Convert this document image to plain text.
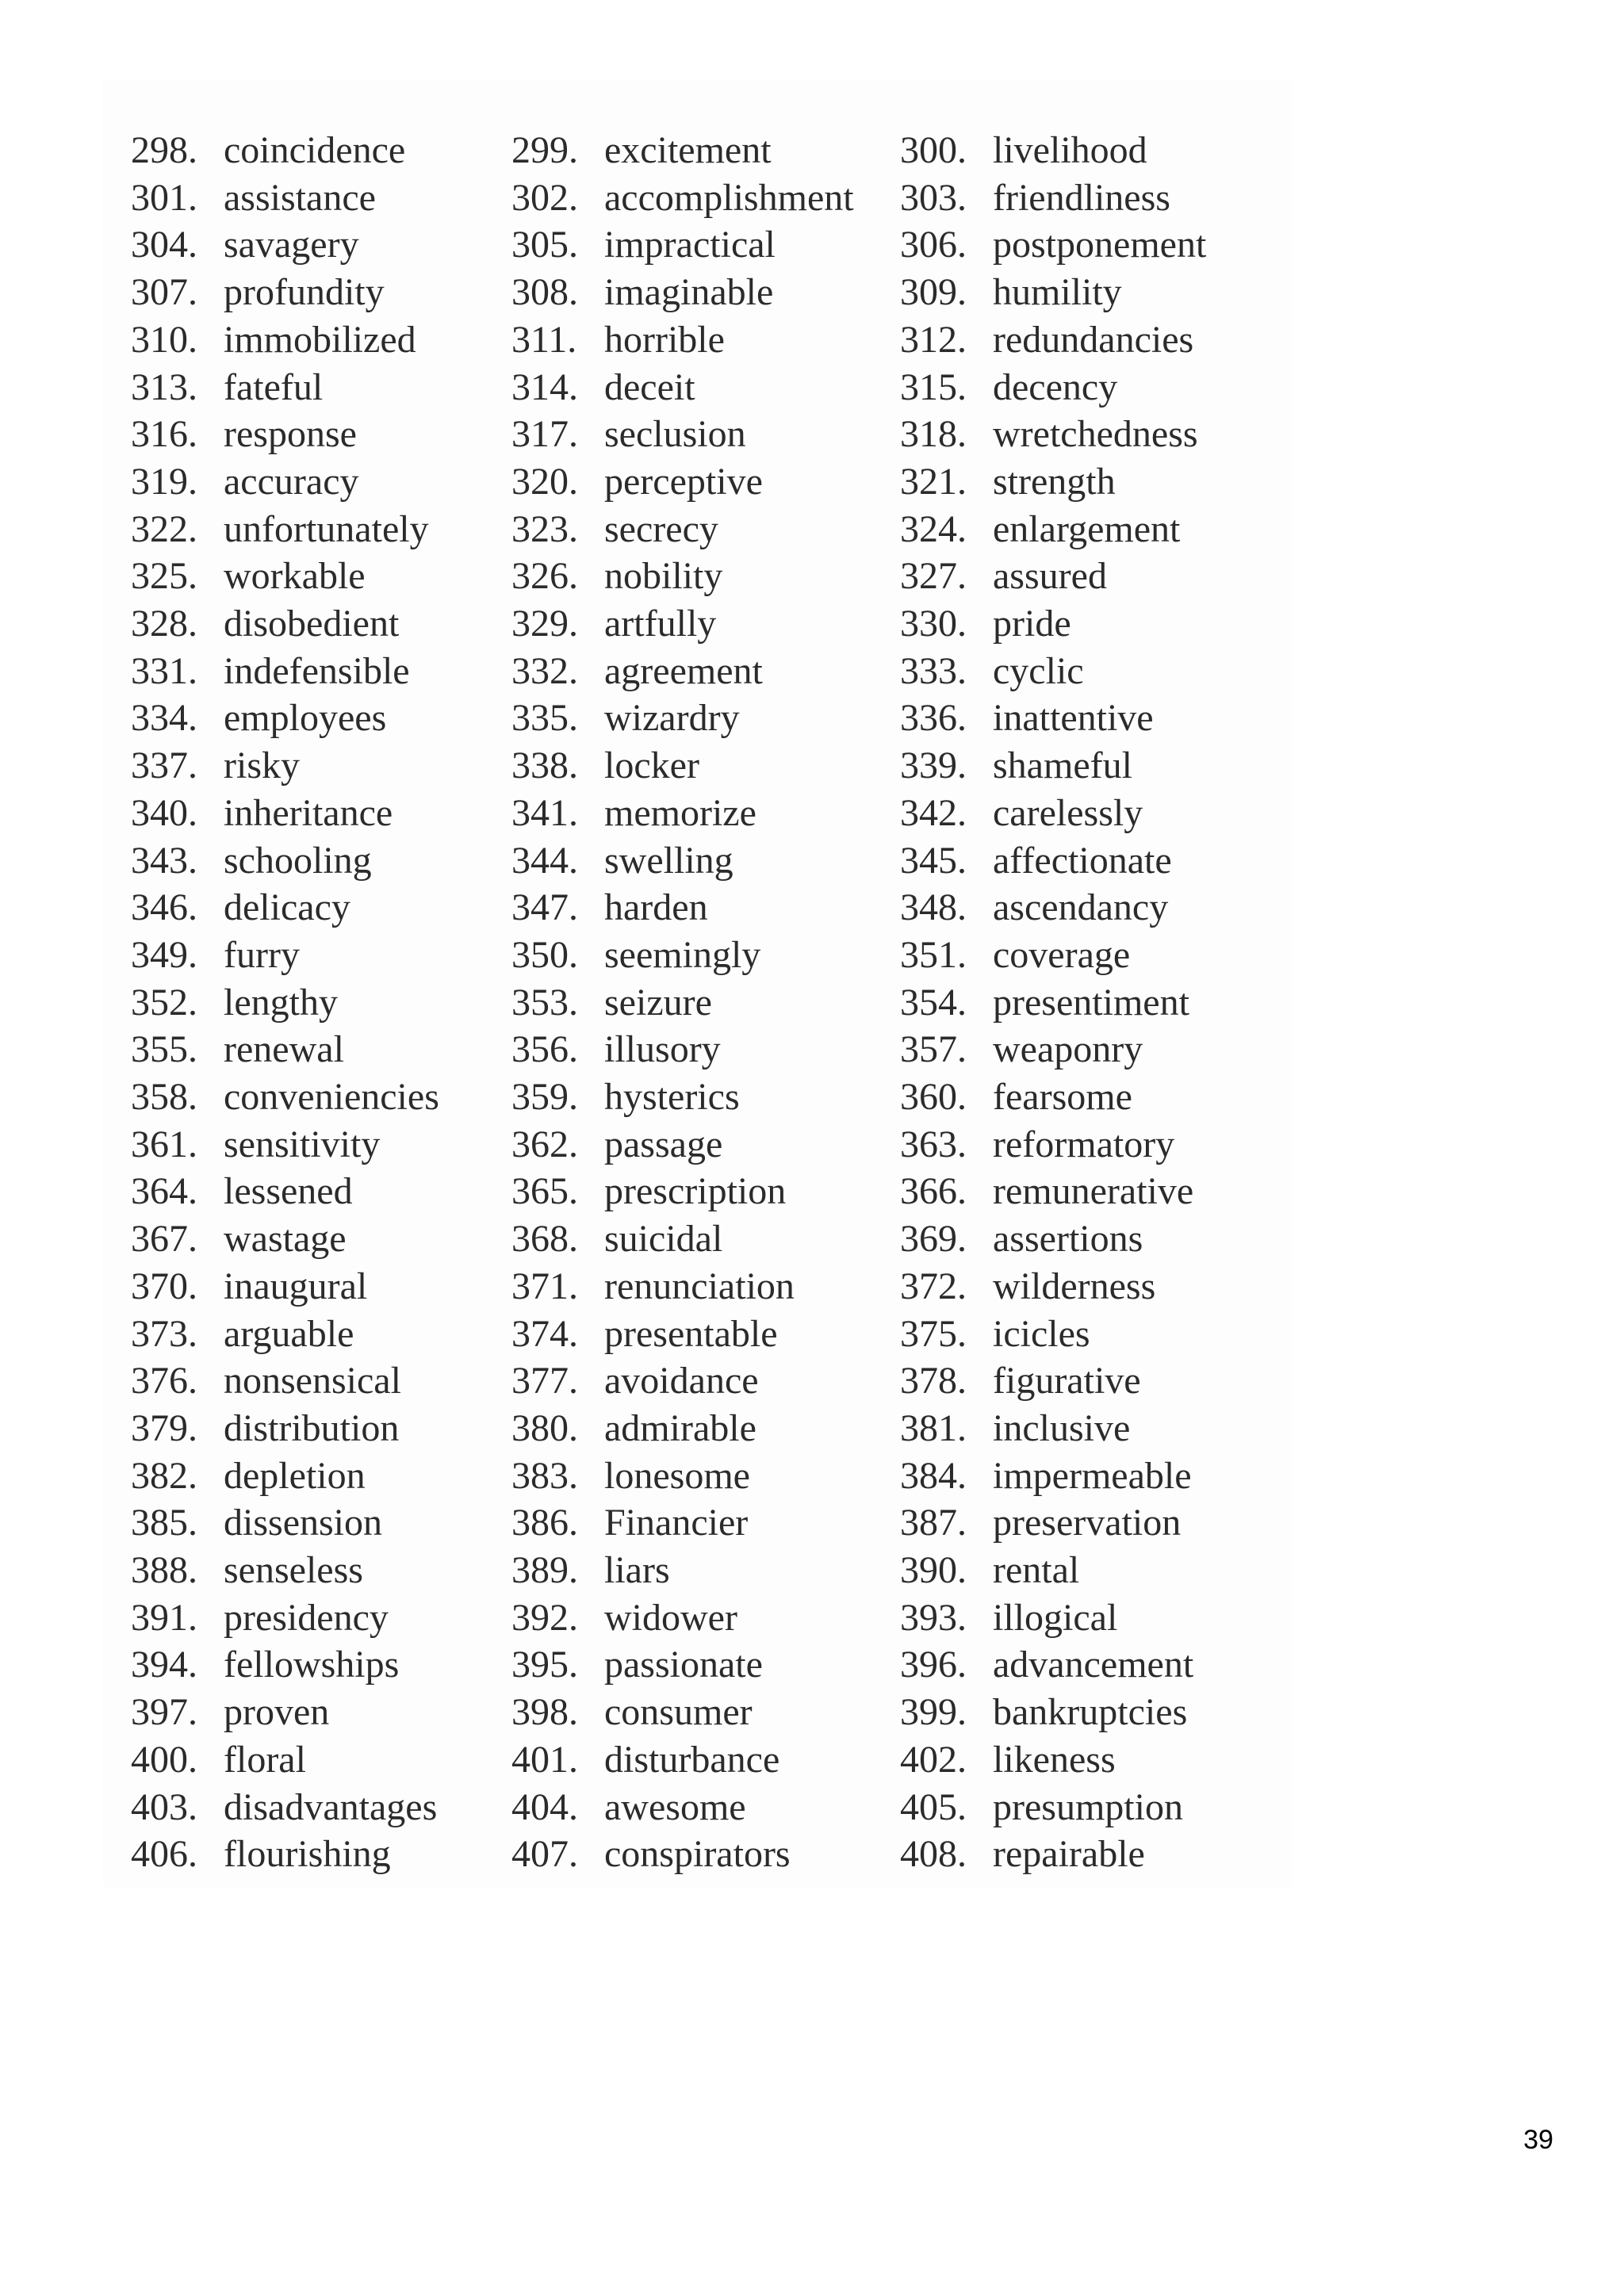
298. coincidence	299. excitement	300. livelihood
301. assistance	302. accomplishment 303. friendliness
304. savagery	305. impractical	306. postponement
307. profundity	308. imaginable	309. humility
310. immobilized	311. horrible	312. redundancies
313. fateful	314. deceit	315. decency
316. response	317. seclusion	318. wretchedness
319. accuracy	320. perceptive	321. strength
322. unfortunately 323. secrecy	324. enlargement
325. workable	326. nobility	327. assured
328. disobedient	329. artfully	330. pride
331. indefensible	332. agreement	333. cyclic
334. employees	335. wizardry	336. inattentive
337. risky	338. locker	339. shameful
340. inheritance	341. memorize	342. carelessly
343. schooling	344. swelling	345. affectionate
346. delicacy	347. harden	348. ascendancy
349. furry	350. seemingly	351. coverage
352. lengthy	353. seizure	354. presentiment
355. renewal	356. illusory	357. weaponry
358. conveniencies 359. hysterics	360. fearsome
361. sensitivity	362. passage	363. reformatory
364. lessened	365. prescription	366. remunerative
367. wastage	368. suicidal	369. assertions
370. inaugural	371. renunciation	372. wilderness
373. arguable	374. presentable	375. icicles
376. nonsensical	377. avoidance	378. figurative
379. distribution	380. admirable	381. inclusive
382. depletion	383. lonesome	384. impermeable
385. dissension	386. Financier	387. preservation
388. senseless	389. liars	390. rental
391. presidency	392. widower	393. illogical
394. fellowships	395. passionate	396. advancement
397. proven	398. consumer	399. bankruptcies
400. floral	401. disturbance	402. likeness
403. disadvantages 404. awesome	405. presumption
406. flourishing	407. conspirators	408. repairable
39
